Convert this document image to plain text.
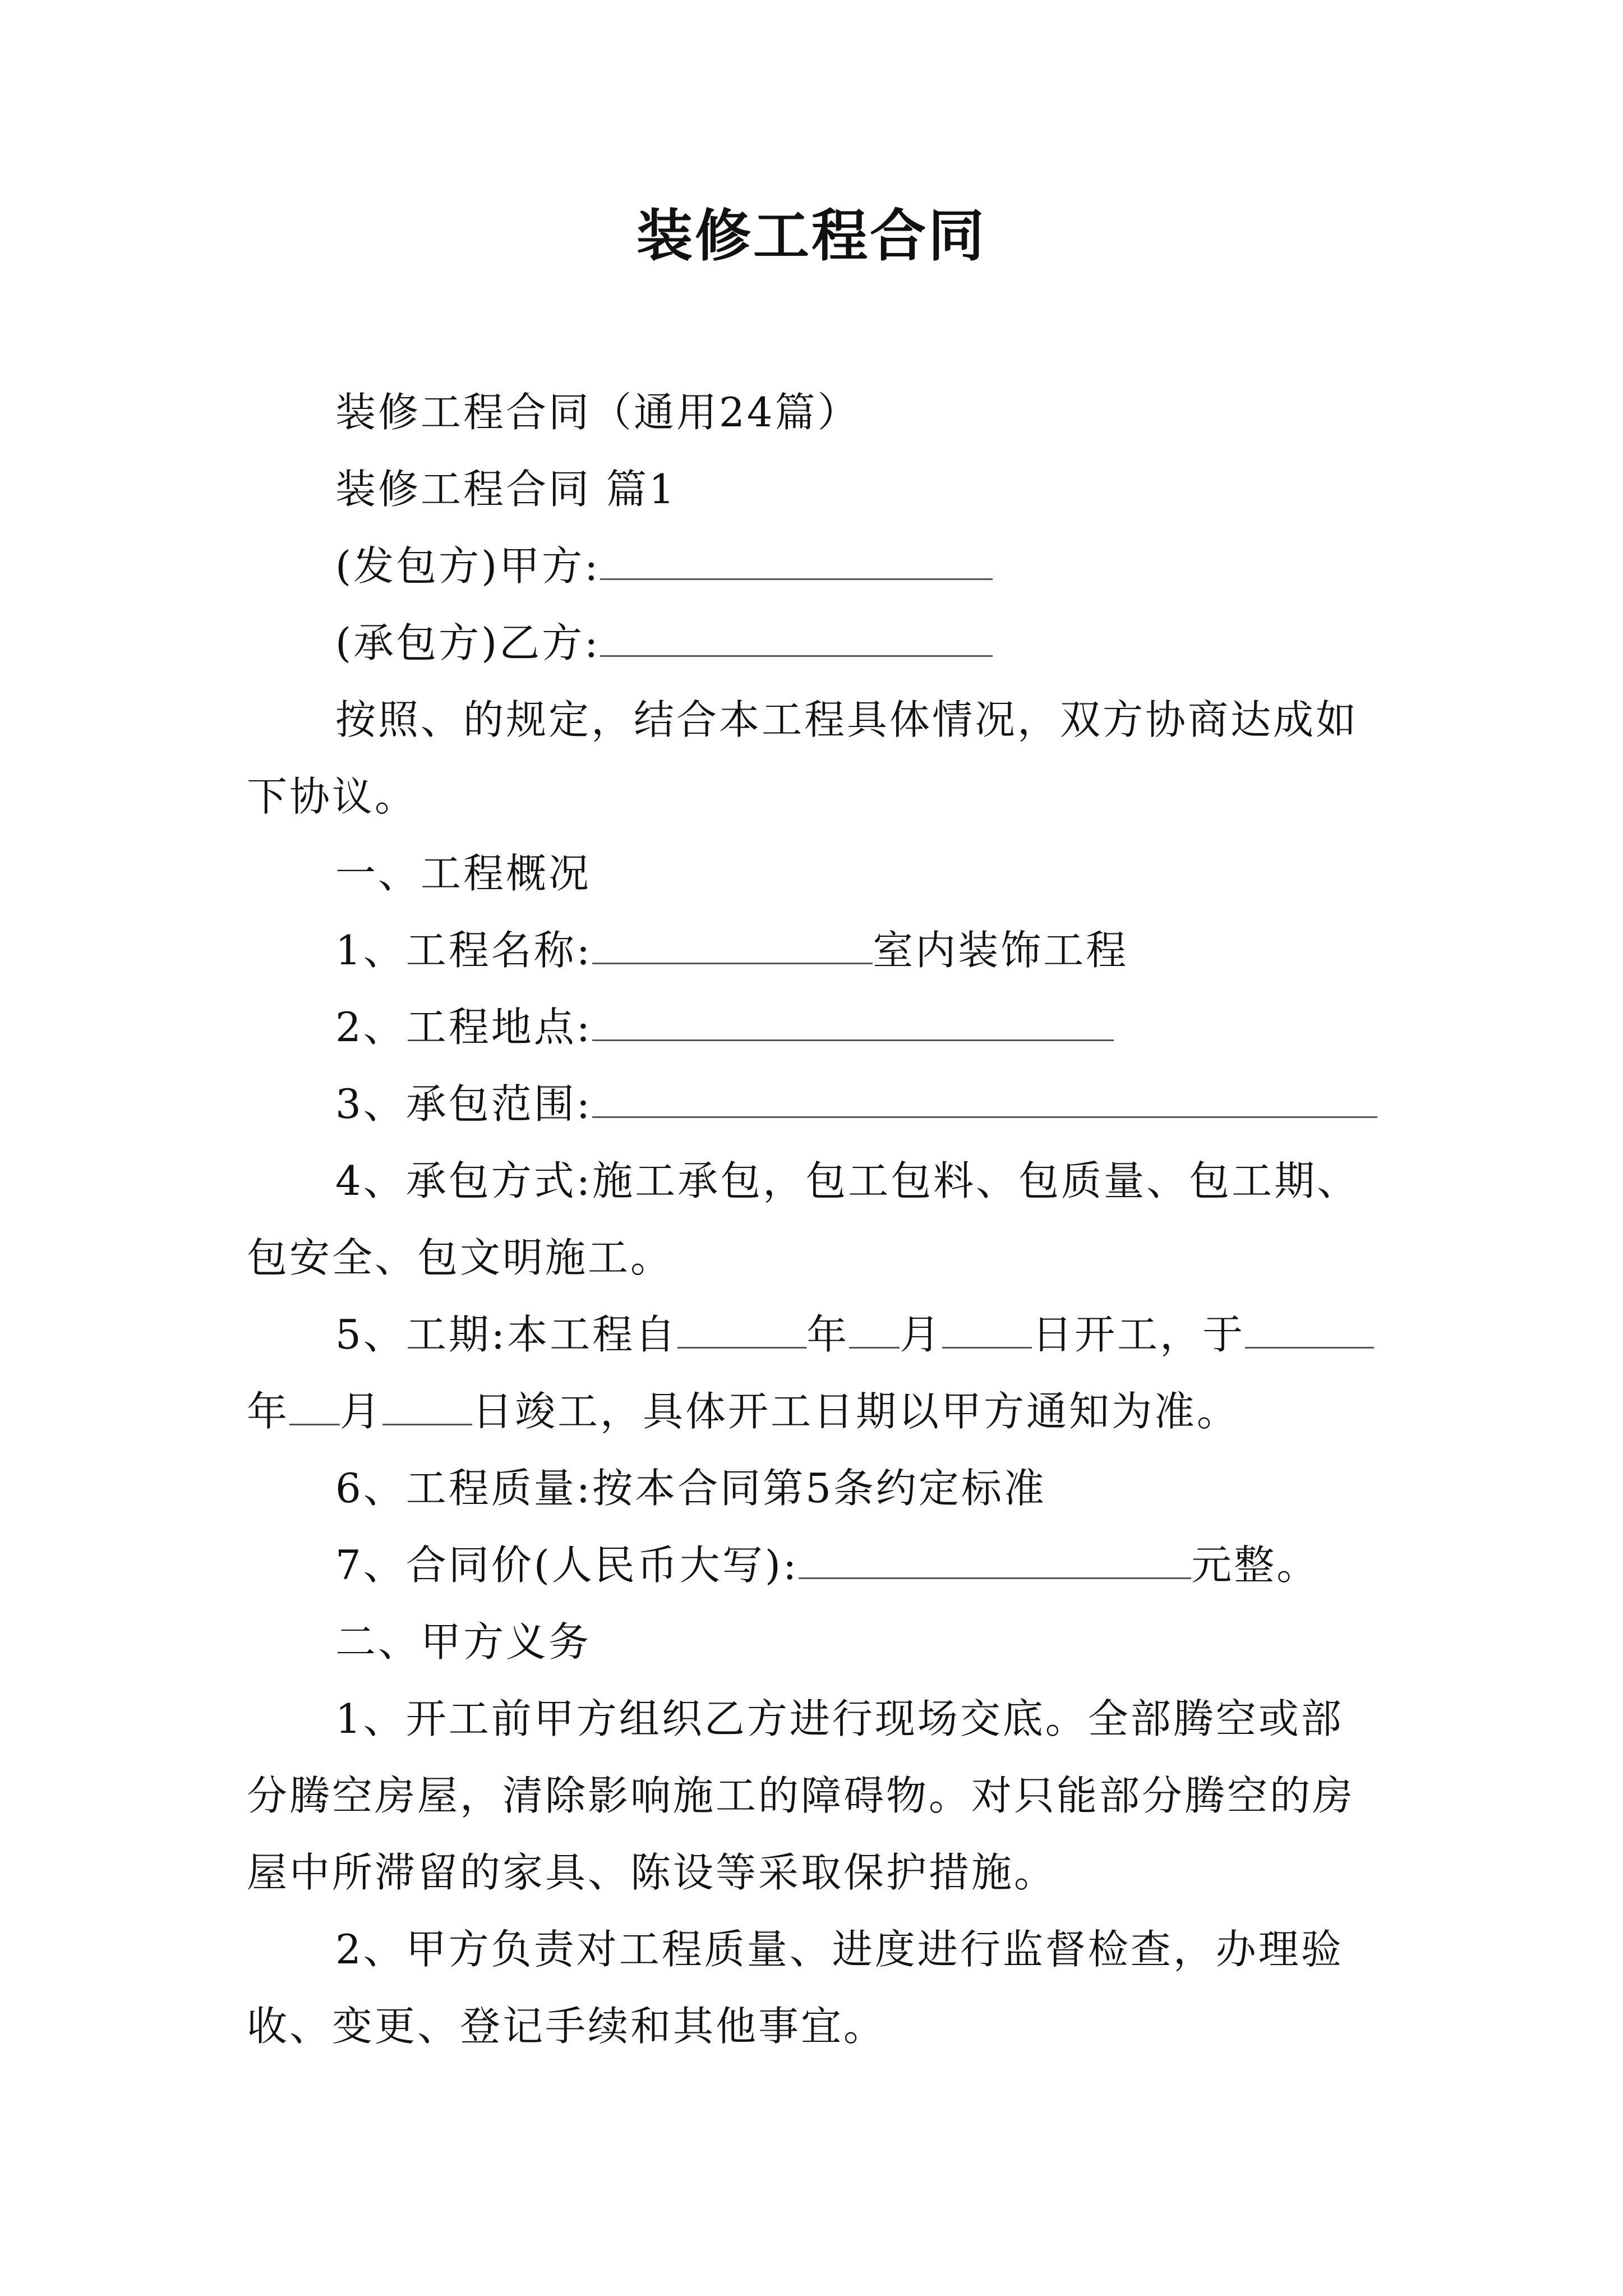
装修工程合同
装修工程合同（通用24篇）
装修工程合同 篇1
(发包方)甲方:
(承包方)乙方:
按照、的规定，结合本工程具体情况，双方协商达成如
下协议。
一、工程概况
1、工程名称:	室内装饰工程
2、工程地点:
3、承包范围:
4、承包方式:施工承包，包工包料、包质量、包工期、
包安全、包文明施工。
5、工期:本工程自	年 月 日开工，于
年 月 日竣工，具体开工日期以甲方通知为准。
6、工程质量:按本合同第5条约定标准
7、合同价(人民币大写):	元整。
二、甲方义务
1、开工前甲方组织乙方进行现场交底。全部腾空或部
分腾空房屋，清除影响施工的障碍物。对只能部分腾空的房
屋中所滞留的家具、陈设等采取保护措施。
2、甲方负责对工程质量、进度进行监督检查，办理验
收、变更、登记手续和其他事宜。
